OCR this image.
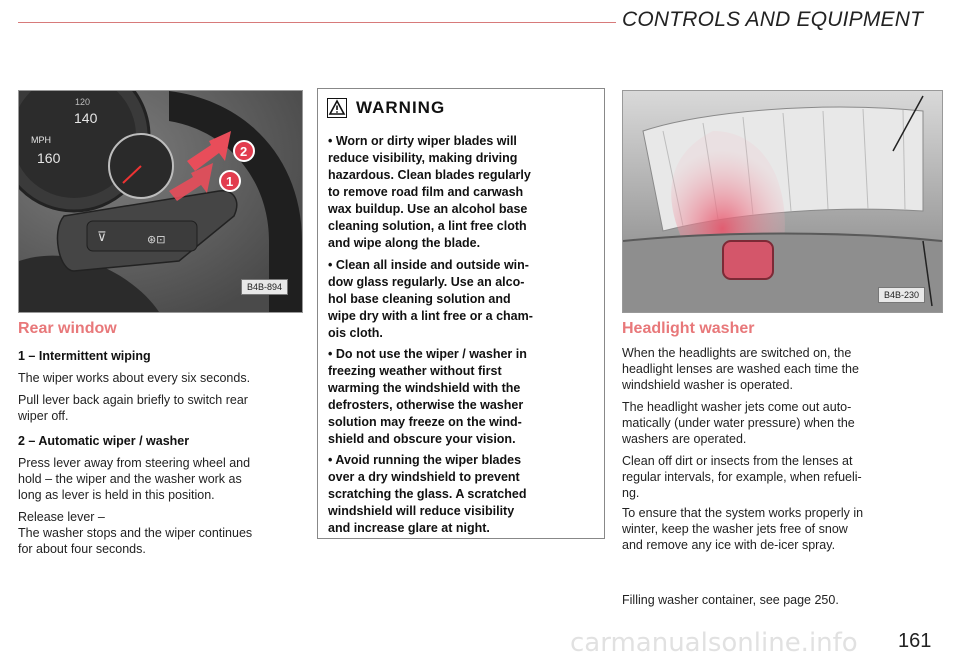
CONTROLS AND EQUIPMENT
⊽	⊛⊡
2
1
140
MPH
160
120
B4B-894
Rear window
1 – Intermittent wiping
The wiper works about every six seconds.
Pull lever back again briefly to switch rear
wiper off.
2 – Automatic wiper / washer
Press lever away from steering wheel and
hold – the wiper and the washer work as
long as lever is held in this position.
Release lever –
The washer stops and the wiper continues
for about four seconds.
WARNING
• Worn or dirty wiper blades will
reduce visibility, making driving
hazardous. Clean blades regularly
to remove road film and carwash
wax buildup. Use an alcohol base
cleaning solution, a lint free cloth
and wipe along the blade.
• Clean all inside and outside win-
dow glass regularly. Use an alco-
hol base cleaning solution and
wipe dry with a lint free or a cham-
ois cloth.
• Do not use the wiper / washer in
freezing weather without first
warming the windshield with the
defrosters, otherwise the washer
solution may freeze on the wind-
shield and obscure your vision.
• Avoid running the wiper blades
over a dry windshield to prevent
scratching the glass. A scratched
windshield will reduce visibility
and increase glare at night.
B4B-230
Headlight washer
When the headlights are switched on, the
headlight lenses are washed each time the
windshield washer is operated.
The headlight washer jets come out auto-
matically (under water pressure) when the
washers are operated.
Clean off dirt or insects from the lenses at
regular intervals, for example, when refueli-
ng.
To ensure that the system works properly in
winter, keep the washer jets free of snow
and remove any ice with de-icer spray.
Filling washer container, see page 250.
carmanualsonline.info 161
